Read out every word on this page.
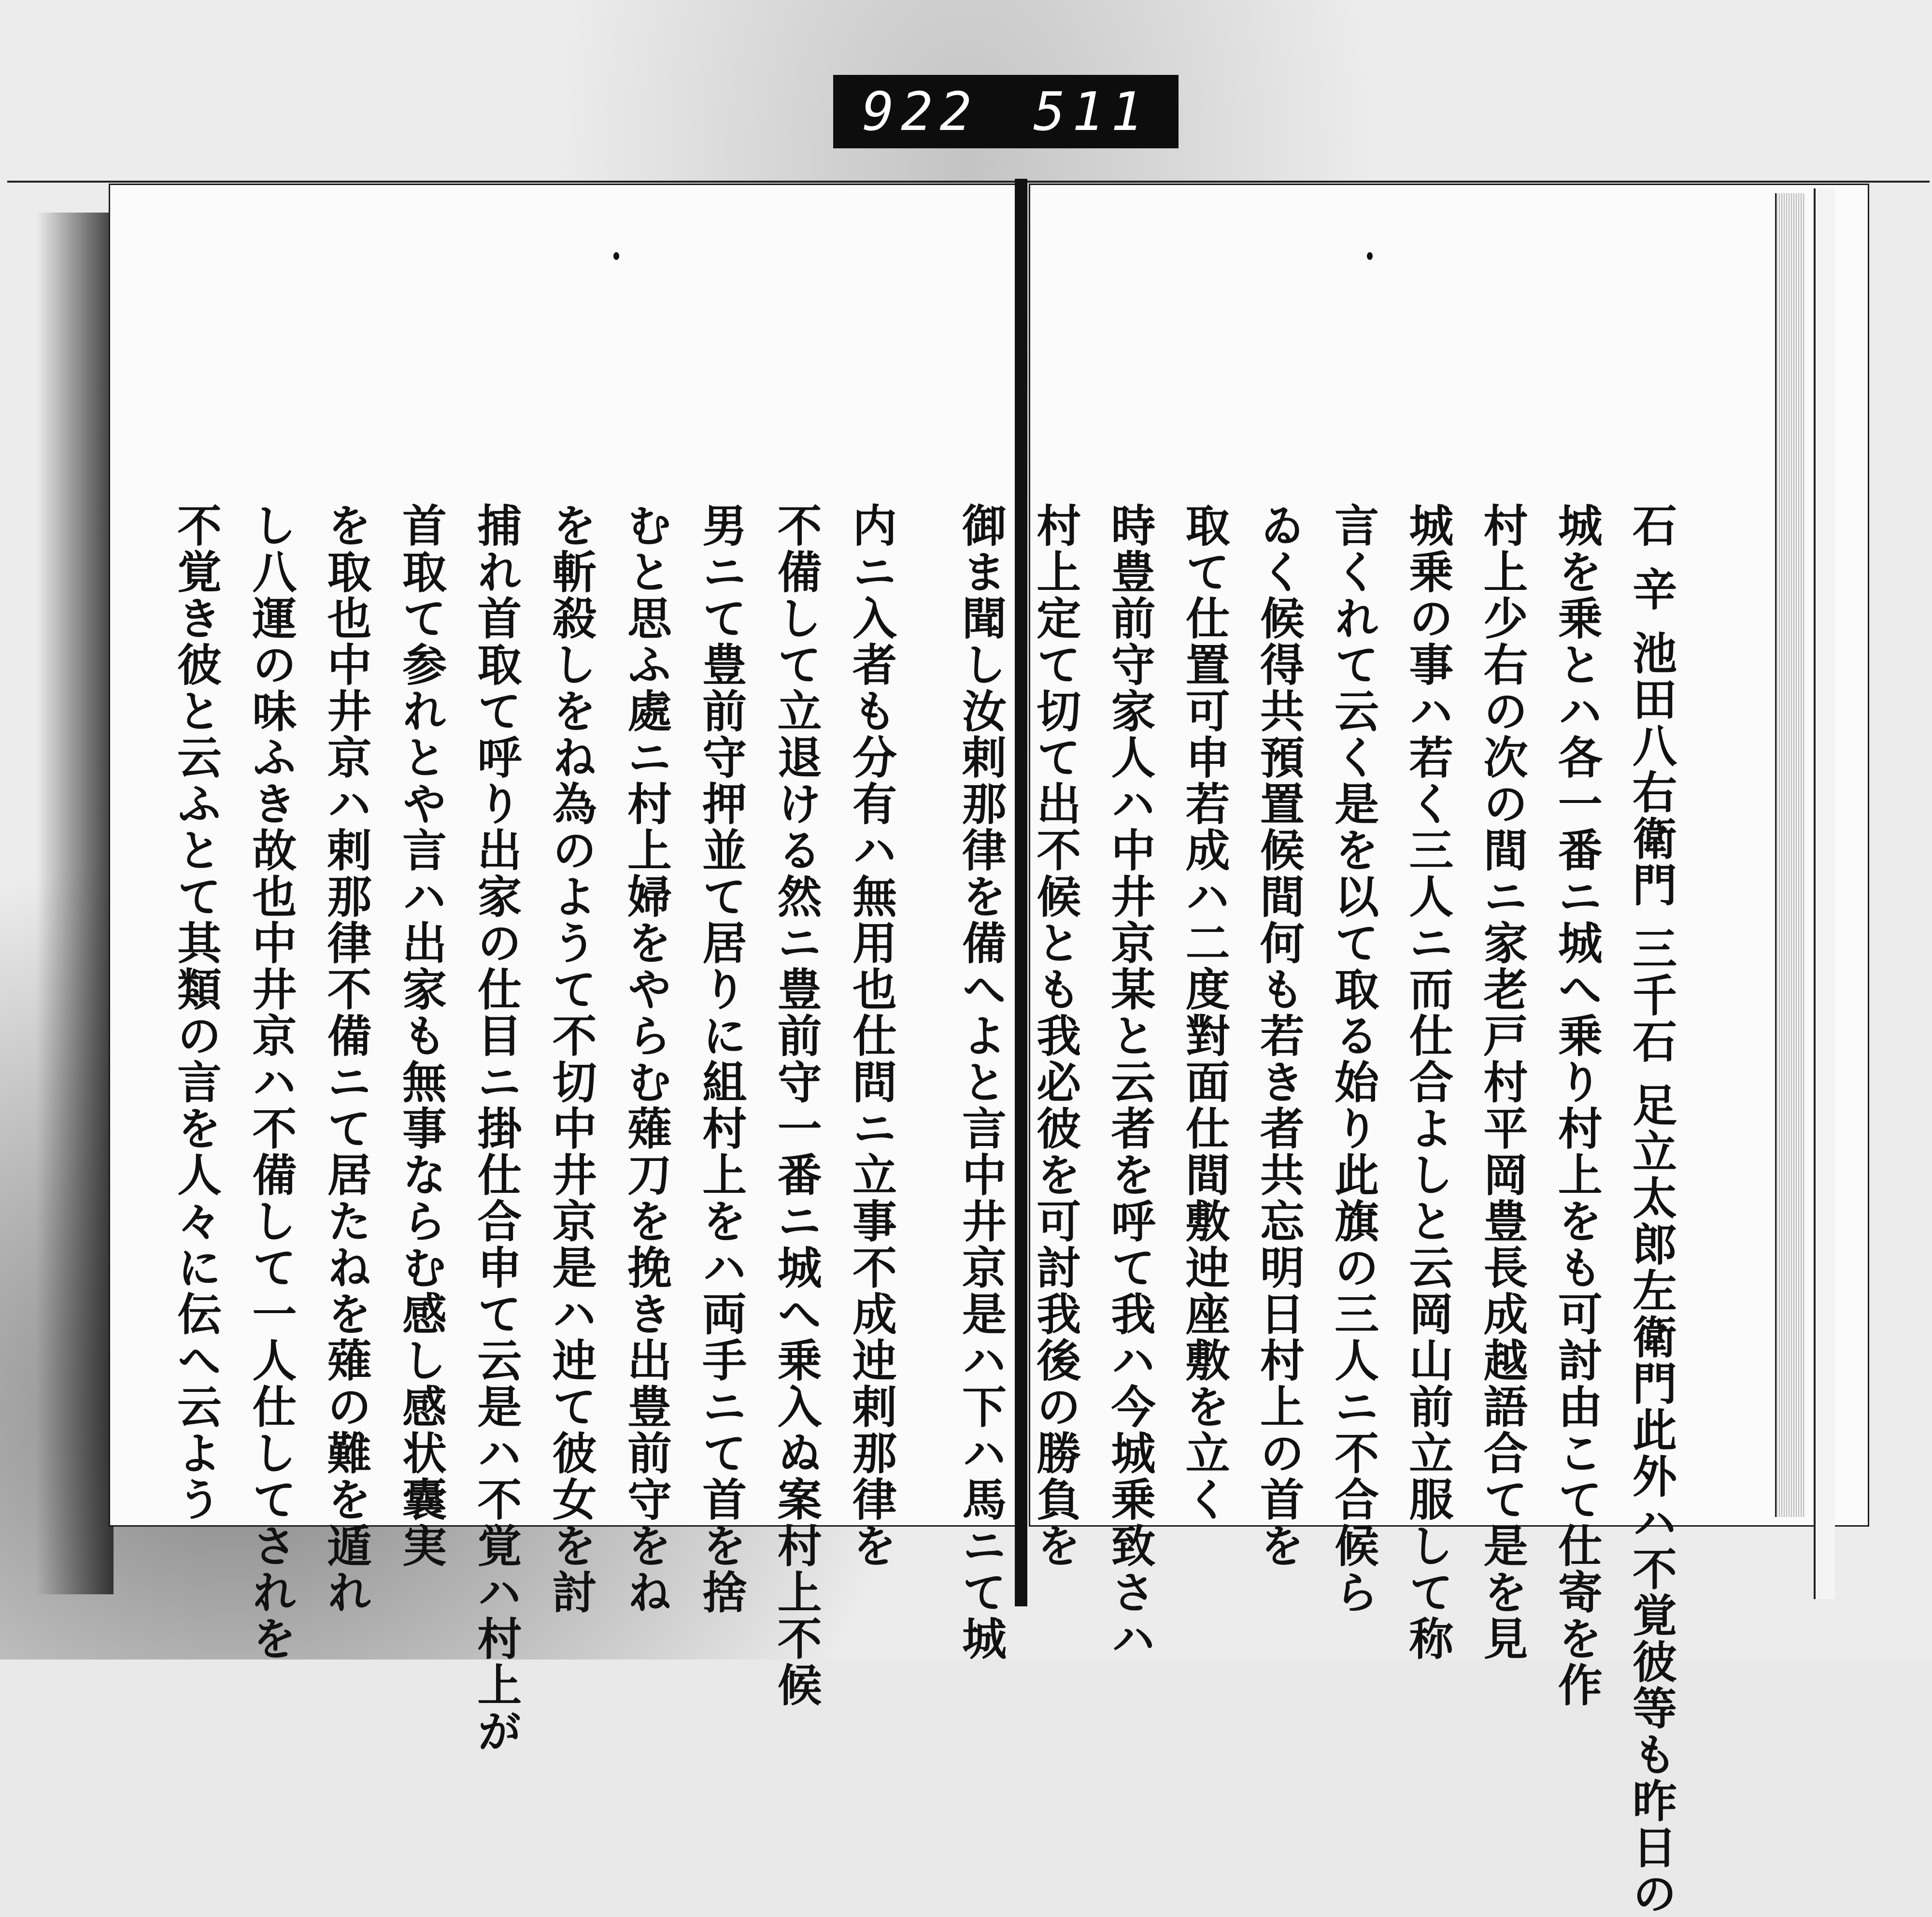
922 511
石 辛 池田八右衛門 三千石 足立太郎左衛門此外ハ不覚彼等も昨日の
城を乗とハ各一番ニ城へ乗り村上をも可討由こて仕寄を作
村上少右の次の間ニ家老戸村平岡豊長成越語合て是を見
城乗の事ハ若く三人ニ而仕合よしと云岡山前立服して称
言くれて云く是を以て取る始り此旗の三人ニ不合候ら
ゐく候得共預置候間何も若き者共忘明日村上の首を
取て仕置可申若成ハ二度對面仕間敷迚座敷を立く
時豊前守家人ハ中井京某と云者を呼て我ハ今城乗致さハ
村上定て切て出不候とも我必彼を可討我後の勝負を
御ま聞し汝剌那律を備へよと言中井京是ハ下ハ馬ニて城
内ニ入者も分有ハ無用也仕問ニ立事不成迚剌那律を
不備して立退ける然ニ豊前守一番ニ城へ乗入ぬ案村上不候
男ニて豊前守押並て居りに組村上をハ両手ニて首を捨
むと思ふ處ニ村上婦をやらむ薙刀を挽き出豊前守をね
を斬殺しをね為のようて不切中井京是ハ迚て彼女を討
捕れ首取て呼り出家の仕目ニ掛仕合申て云是ハ不覚ハ村上が
首取て参れとや言ハ出家も無事ならむ感し感状囊実
を取也中井京ハ剌那律不備ニて居たねを薙の難を遁れ
し八運の味ふき故也中井京ハ不備して一人仕してされを
不覚き彼と云ふとて其類の言を人々に伝へ云よう
